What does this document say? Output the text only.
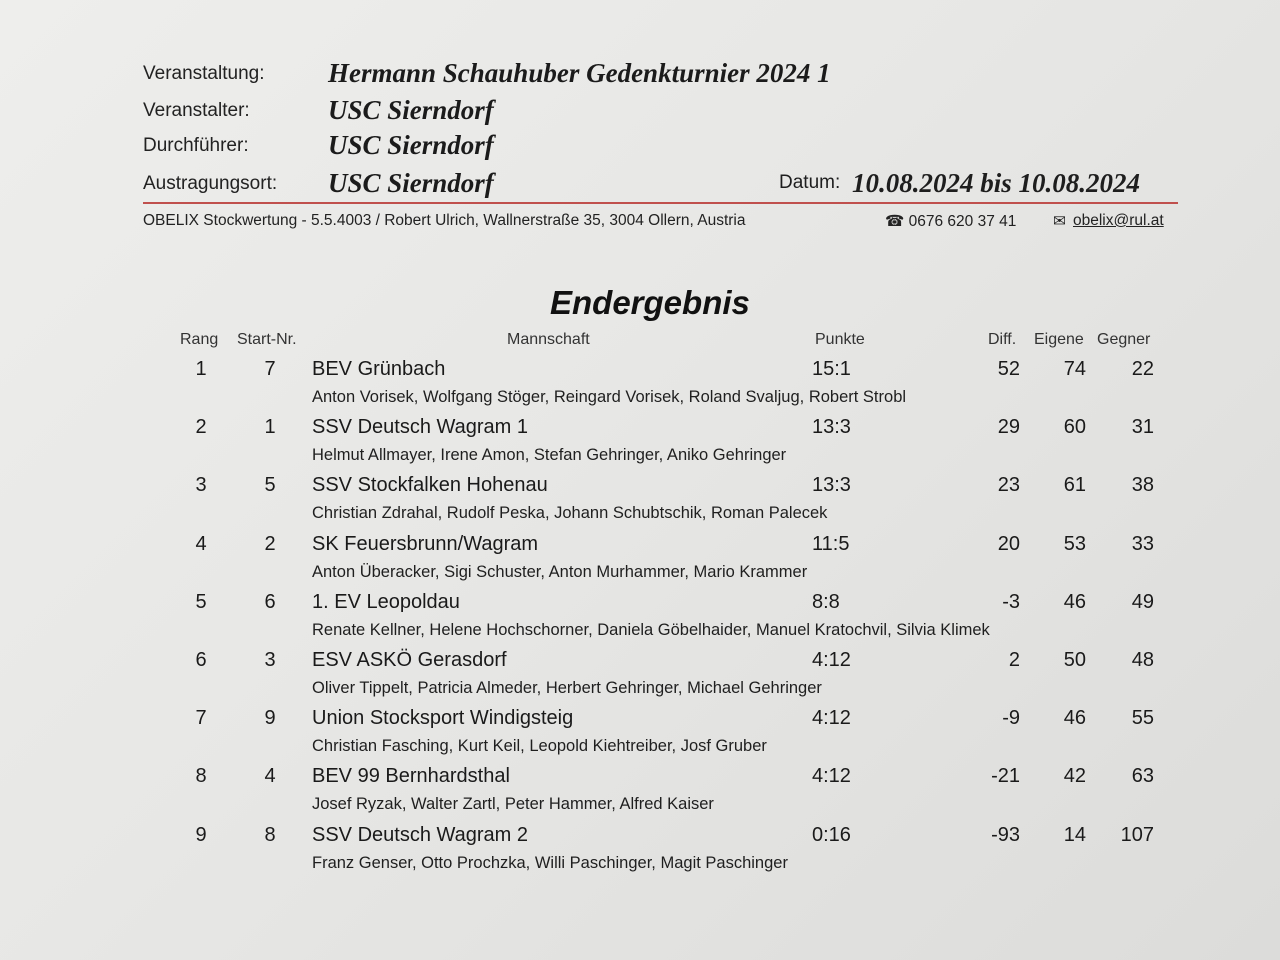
Veranstaltung: Hermann Schauhuber Gedenkturnier 2024 1
Veranstalter:	USC Sierndorf
Durchführer:	USC Sierndorf
Austragungsort: USC Sierndorf	Datum: 10.08.2024 bis 10.08.2024
OBELIX Stockwertung - 5.5.4003 / Robert Ulrich, Wallnerstraße 35, 3004 Ollern, Austria	☎ 0676 620 37 41 ✉ obelix@rul.at
Endergebnis
Rang Start-Nr.	Mannschaft	Punkte	Diff. Eigene Gegner
1	7	BEV Grünbach	15:1	52	74	22
Anton Vorisek, Wolfgang Stöger, Reingard Vorisek, Roland Svaljug, Robert Strobl
2	1	SSV Deutsch Wagram 1	13:3	29	60	31
Helmut Allmayer, Irene Amon, Stefan Gehringer, Aniko Gehringer
3	5	SSV Stockfalken Hohenau	13:3	23	61	38
Christian Zdrahal, Rudolf Peska, Johann Schubtschik, Roman Palecek
4	2	SK Feuersbrunn/Wagram	11:5	20	53	33
Anton Überacker, Sigi Schuster, Anton Murhammer, Mario Krammer
5	6	1. EV Leopoldau	8:8	-3	46	49
Renate Kellner, Helene Hochschorner, Daniela Göbelhaider, Manuel Kratochvil, Silvia Klimek
6	3	ESV ASKÖ Gerasdorf	4:12	2	50	48
Oliver Tippelt, Patricia Almeder, Herbert Gehringer, Michael Gehringer
7	9	Union Stocksport Windigsteig	4:12	-9	46	55
Christian Fasching, Kurt Keil, Leopold Kiehtreiber, Josf Gruber
8	4	BEV 99 Bernhardsthal	4:12	-21	42	63
Josef Ryzak, Walter Zartl, Peter Hammer, Alfred Kaiser
9	8	SSV Deutsch Wagram 2	0:16	-93	14	107
Franz Genser, Otto Prochzka, Willi Paschinger, Magit Paschinger
